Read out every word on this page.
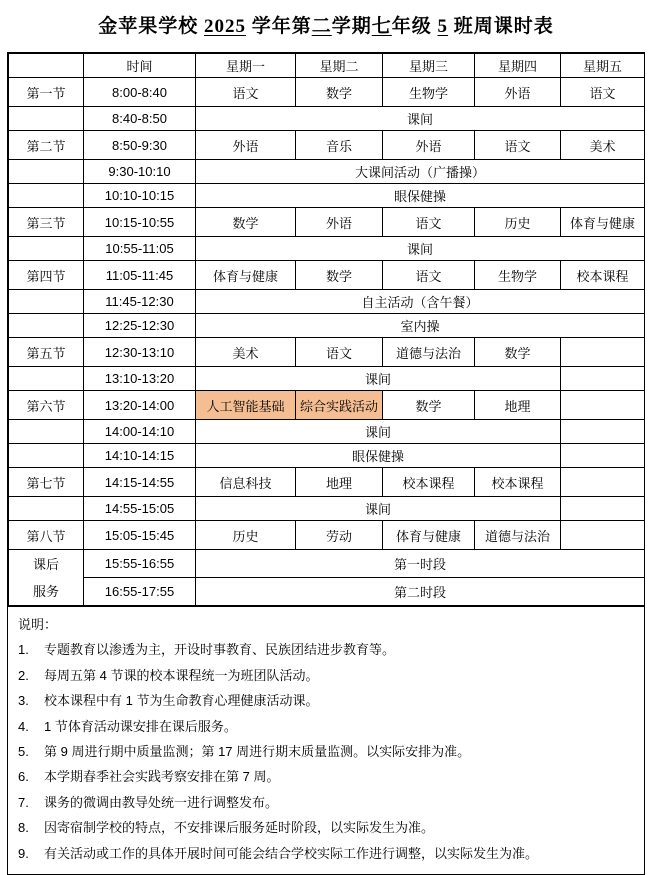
金苹果学校 2025 学年第二学期七年级 5 班周课时表
	时间	星期一	星期二	星期三	星期四	星期五
第一节	8:00-8:40	语文	数学	生物学	外语	语文
	8:40-8:50	课间				
第二节	8:50-9:30	外语	音乐	外语	语文	美术
	9:30-10:10	大课间活动（广播操）				
	10:10-10:15	眼保健操				
第三节	10:15-10:55	数学	外语	语文	历史	体育与健康
	10:55-11:05	课间				
第四节	11:05-11:45	体育与健康	数学	语文	生物学	校本课程
	11:45-12:30	自主活动（含午餐）				
	12:25-12:30	室内操				
第五节	12:30-13:10	美术	语文	道德与法治	数学	
	13:10-13:20	课间				
第六节	13:20-14:00	人工智能基础	综合实践活动	数学	地理	
	14:00-14:10	课间				
	14:10-14:15	眼保健操				
第七节	14:15-14:55	信息科技	地理	校本课程	校本课程	
	14:55-15:05	课间				
第八节	15:05-15:45	历史	劳动	体育与健康	道德与法治	

课后
服务	15:55-16:55	第一时段				
	16:55-17:55	第二时段				
说明：
1.	专题教育以渗透为主，开设时事教育、民族团结进步教育等。
2.	每周五第 4 节课的校本课程统一为班团队活动。
3.	校本课程中有 1 节为生命教育心理健康活动课。
4.	1 节体育活动课安排在课后服务。
5.	第 9 周进行期中质量监测；第 17 周进行期末质量监测。以实际安排为准。
6.	本学期春季社会实践考察安排在第 7 周。
7.	课务的微调由教导处统一进行调整发布。
8.	因寄宿制学校的特点，不安排课后服务延时阶段，以实际发生为准。
9.	有关活动或工作的具体开展时间可能会结合学校实际工作进行调整，以实际发生为准。
